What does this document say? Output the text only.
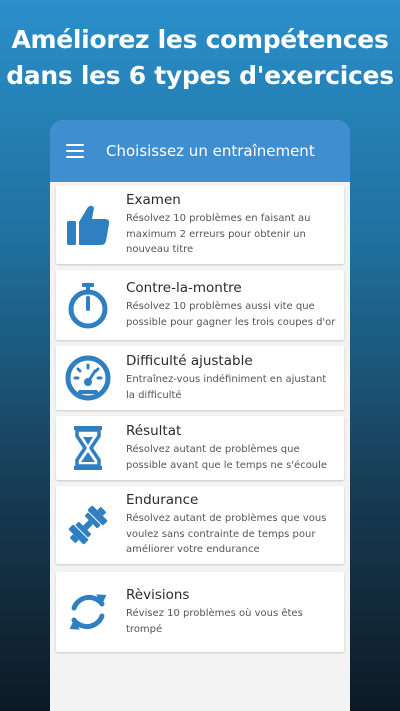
Améliorez les compétences
dans les 6 types d'exercices
Choisissez un entraînement
Examen
Résolvez 10 problèmes en faisant au maximum 2 erreurs pour obtenir un nouveau titre
Contre-la-montre
Résolvez 10 problèmes aussi vite que possible pour gagner les trois coupes d'or
Difficulté ajustable
Entraînez-vous indéfiniment en ajustant la difficulté
Résultat
Résolvez autant de problèmes que possible avant que le temps ne s'écoule
Endurance
Résolvez autant de problèmes que vous voulez sans contrainte de temps pour améliorer votre endurance
Rèvisions
Révisez 10 problèmes où vous êtes trompé
